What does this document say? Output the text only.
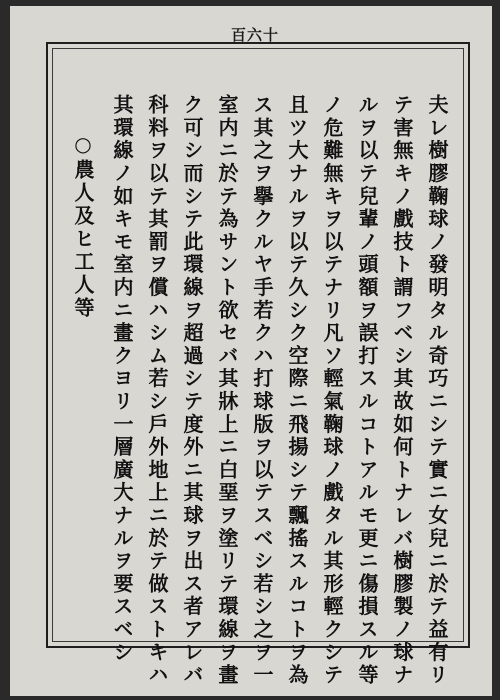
百六十
夫レ樹膠鞠球ノ發明タル奇巧ニシテ實ニ女兒ニ於テ益有リ
テ害無キノ戲技ト謂フベシ其故如何トナレバ樹膠製ノ球ナ
ルヲ以テ兒輩ノ頭額ヲ誤打スルコトアルモ更ニ傷損スル等
ノ危難無キヲ以テナリ凡ソ輕氣鞠球ノ戲タル其形輕クシテ
且ツ大ナルヲ以テ久シク空際ニ飛揚シテ飄搖スルコトヲ為
ス其之ヲ擧クルヤ手若クハ打球版ヲ以テスベシ若シ之ヲ一
室内ニ於テ為サント欲セバ其牀上ニ白堊ヲ塗リテ環線ヲ畫
ク可シ而シテ此環線ヲ超過シテ度外ニ其球ヲ出ス者アレバ
科料ヲ以テ其罰ヲ償ハシム若シ戶外地上ニ於テ做ストキハ
其環線ノ如キモ室内ニ畫クヨリ一層廣大ナルヲ要スベシ
○農人及ヒ工人等
